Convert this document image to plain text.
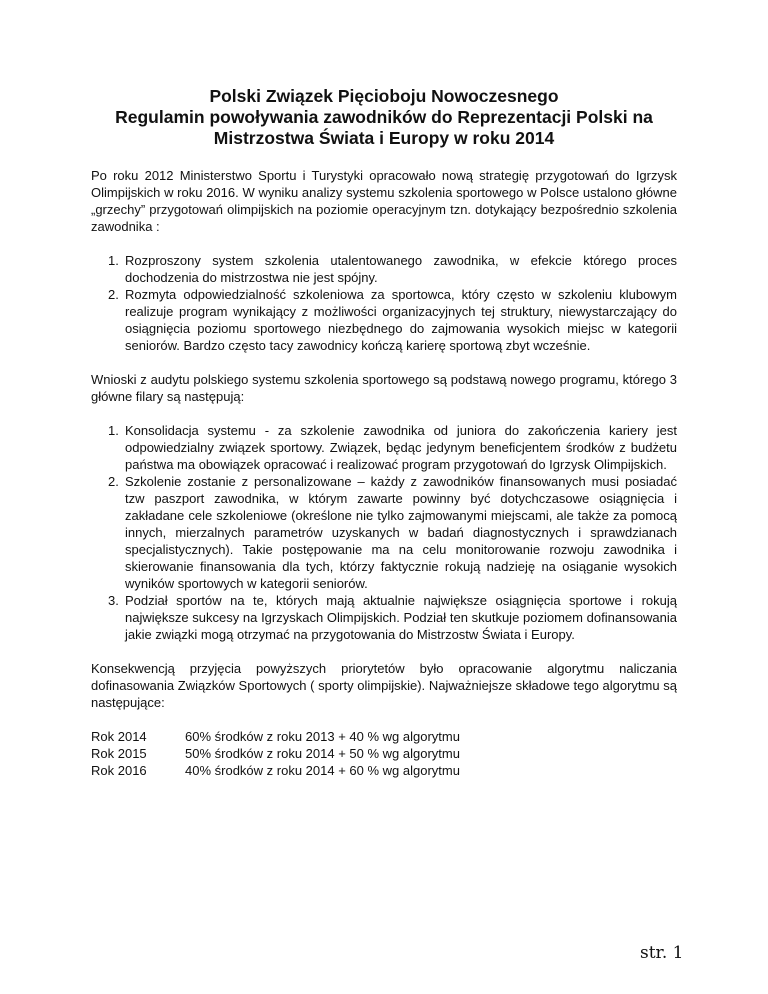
Polski Związek Pięcioboju Nowoczesnego
Regulamin powoływania zawodników do Reprezentacji Polski na
Mistrzostwa Świata i Europy w roku 2014

Po roku 2012 Ministerstwo Sportu i Turystyki opracowało nową strategię przygotowań do Igrzysk Olimpijskich w roku 2016. W wyniku analizy systemu szkolenia sportowego w Polsce ustalono główne „grzechy” przygotowań olimpijskich na poziomie operacyjnym tzn. dotykający bezpośrednio szkolenia zawodnika :

1. Rozproszony system szkolenia utalentowanego zawodnika, w efekcie którego proces dochodzenia do mistrzostwa nie jest spójny.
2. Rozmyta odpowiedzialność szkoleniowa za sportowca, który często w szkoleniu klubowym realizuje program wynikający z możliwości organizacyjnych tej struktury, niewystarczający do osiągnięcia poziomu sportowego niezbędnego do zajmowania wysokich miejsc w kategorii seniorów. Bardzo często tacy zawodnicy kończą karierę sportową zbyt wcześnie.

Wnioski z audytu polskiego systemu szkolenia sportowego są podstawą nowego programu, którego 3 główne filary są następują:

1. Konsolidacja systemu - za szkolenie zawodnika od juniora do zakończenia kariery jest odpowiedzialny związek sportowy. Związek, będąc jedynym beneficjentem środków z budżetu państwa ma obowiązek opracować i realizować program przygotowań do Igrzysk Olimpijskich.
2. Szkolenie zostanie z personalizowane – każdy z zawodników finansowanych musi posiadać tzw paszport zawodnika, w którym zawarte powinny być dotychczasowe osiągnięcia i zakładane cele szkoleniowe (określone nie tylko zajmowanymi miejscami, ale także za pomocą innych, mierzalnych parametrów uzyskanych w badań diagnostycznych i sprawdzianach specjalistycznych). Takie postępowanie ma na celu monitorowanie rozwoju zawodnika i skierowanie finansowania dla tych, którzy faktycznie rokują nadzieję na osiąganie wysokich wyników sportowych w kategorii seniorów.
3. Podział sportów na te, których mają aktualnie największe osiągnięcia sportowe i rokują największe sukcesy na Igrzyskach Olimpijskich. Podział ten skutkuje poziomem dofinansowania jakie związki mogą otrzymać na przygotowania do Mistrzostw Świata i Europy.

Konsekwencją przyjęcia powyższych priorytetów było opracowanie algorytmu naliczania dofinasowania Związków Sportowych ( sporty olimpijskie). Najważniejsze składowe tego algorytmu są następujące:

Rok 2014	60% środków z roku 2013 + 40 % wg algorytmu
Rok 2015	50% środków z roku 2014 + 50 % wg algorytmu
Rok 2016	40% środków z roku 2014 + 60 % wg algorytmu
str. 1
